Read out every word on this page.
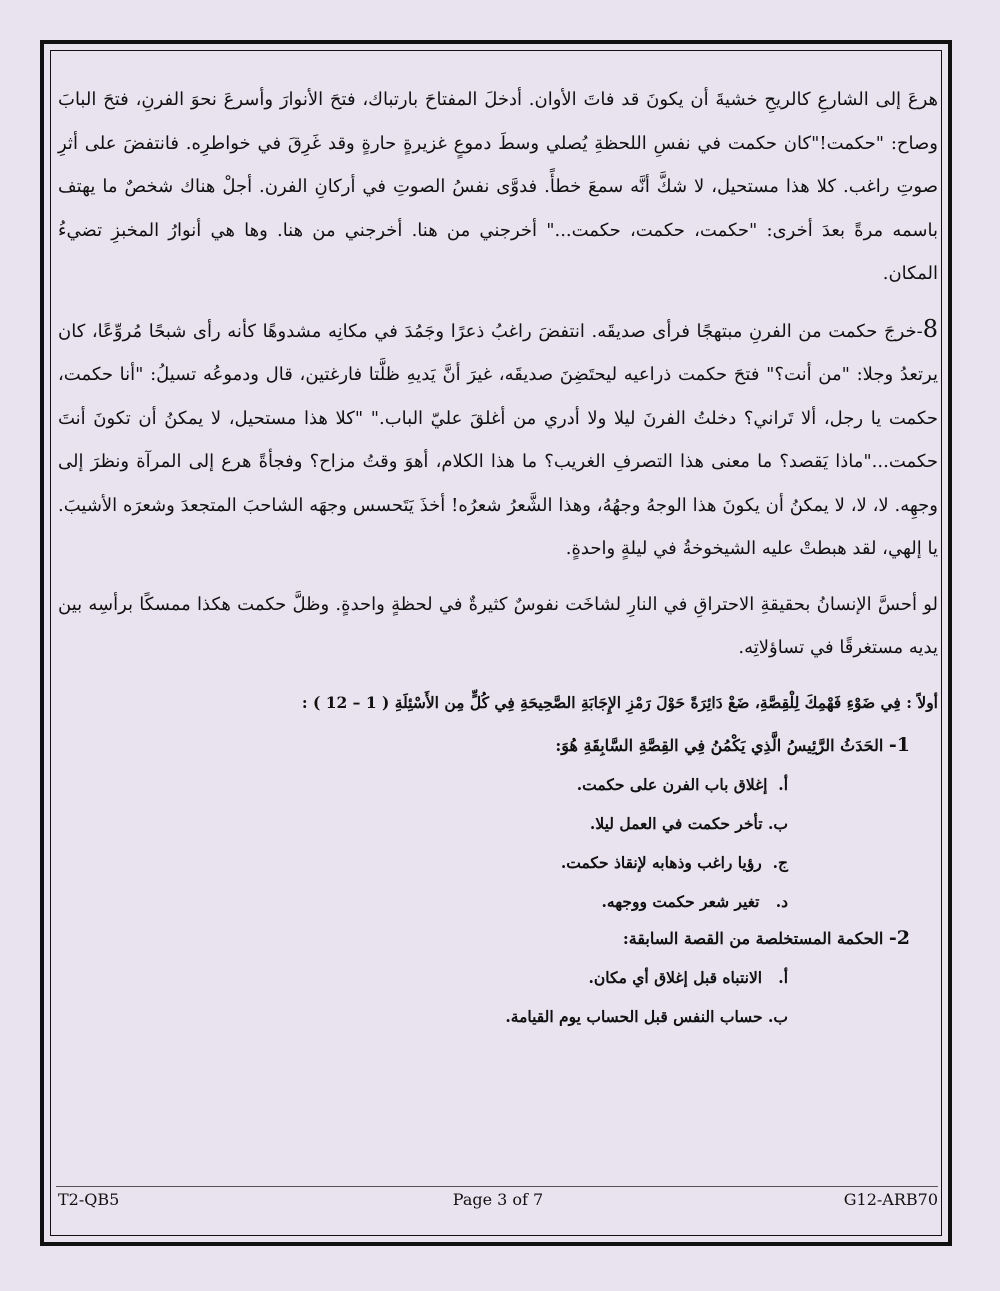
هرعَ إلى الشارعِ كالريحِ خشيةَ أن يكونَ قد فاتَ الأوان. أدخلَ المفتاحَ بارتباك، فتحَ الأنوارَ وأسرعَ نحوَ الفرنِ، فتحَ البابَ وصاح: "حكمت!"كان حكمت في نفسِ اللحظةِ يُصلي وسطَ دموعٍ غزيرةٍ حارةٍ وقد غَرِقَ في خواطرِه. فانتفضَ على أثرِ صوتِ راغب. كلا هذا مستحيل، لا شكَّ أنَّه سمعَ خطأً. فدوَّى نفسُ الصوتِ في أركانِ الفرن. أجلْ هناك شخصٌ ما يهتف باسمه مرةً بعدَ أخرى: "حكمت، حكمت، حكمت..." أخرجني من هنا. أخرجني من هنا. وها هي أنوارُ المخبزِ تضيءُ المكان.

8-خرجَ حكمت من الفرنِ مبتهجًا فرأى صديقَه. انتفضَ راغبُ ذعرًا وجَمُدَ في مكانِه مشدوهًا كأنه رأى شبحًا مُروِّعًا، كان يرتعدُ وجلا: "من أنت؟" فتحَ حكمت ذراعيه ليحتَضِنَ صديقَه، غيرَ أنَّ يَديهِ ظلَّتا فارغتين، قال ودموعُه تسيلُ: "أنا حكمت، حكمت يا رجل، ألا تَراني؟ دخلتُ الفرنَ ليلا ولا أدري من أغلقَ عليّ الباب." "كلا هذا مستحيل، لا يمكنُ أن تكونَ أنتَ حكمت..."ماذا يَقصد؟ ما معنى هذا التصرفِ الغريب؟ ما هذا الكلام، أهوَ وقتُ مزاح؟ وفجأةً هرع إلى المرآة ونظرَ إلى وجهِه. لا، لا، لا يمكنُ أن يكونَ هذا الوجهُ وجهُهُ، وهذا الشَّعرُ شعرُه! أخذَ يَتَحسس وجهَه الشاحبَ المتجعدَ وشعرَه الأشيبَ. يا إلهي، لقد هبطتْ عليه الشيخوخةُ في ليلةٍ واحدةٍ.

لو أحسَّ الإنسانُ بحقيقةِ الاحتراقِ في النارِ لشاخَت نفوسٌ كثيرةٌ في لحظةٍ واحدةٍ. وظلَّ حكمت هكذا ممسكًا برأسِه بين يديه مستغرقًا في تساؤلاتِه.

أولاً : فِي ضَوْءِ فَهْمِكَ لِلْقِصَّةِ، ضَعْ دَائِرَةً حَوْلَ رَمْزِ الإِجَابَةِ الصَّحِيحَةِ فِي كُلٍّ مِن الأَسْئِلَةِ ( 1 – 12 ) :

1- الحَدَثُ الرَّئِيسُ الَّذِي يَكْمُنُ فِي القِصَّةِ السَّابِقَةِ هُوَ:
أ.  إغلاق باب الفرن على حكمت.
ب. تأخر حكمت في العمل ليلا.
ج.  رؤيا راغب وذهابه لإنقاذ حكمت.
د.   تغير شعر حكمت ووجهه.
2- الحكمة المستخلصة من القصة السابقة:
أ.   الانتباه قبل إغلاق أي مكان.
ب. حساب النفس قبل الحساب يوم القيامة.
Page 3 of 7
T2-QB5	G12-ARB70
